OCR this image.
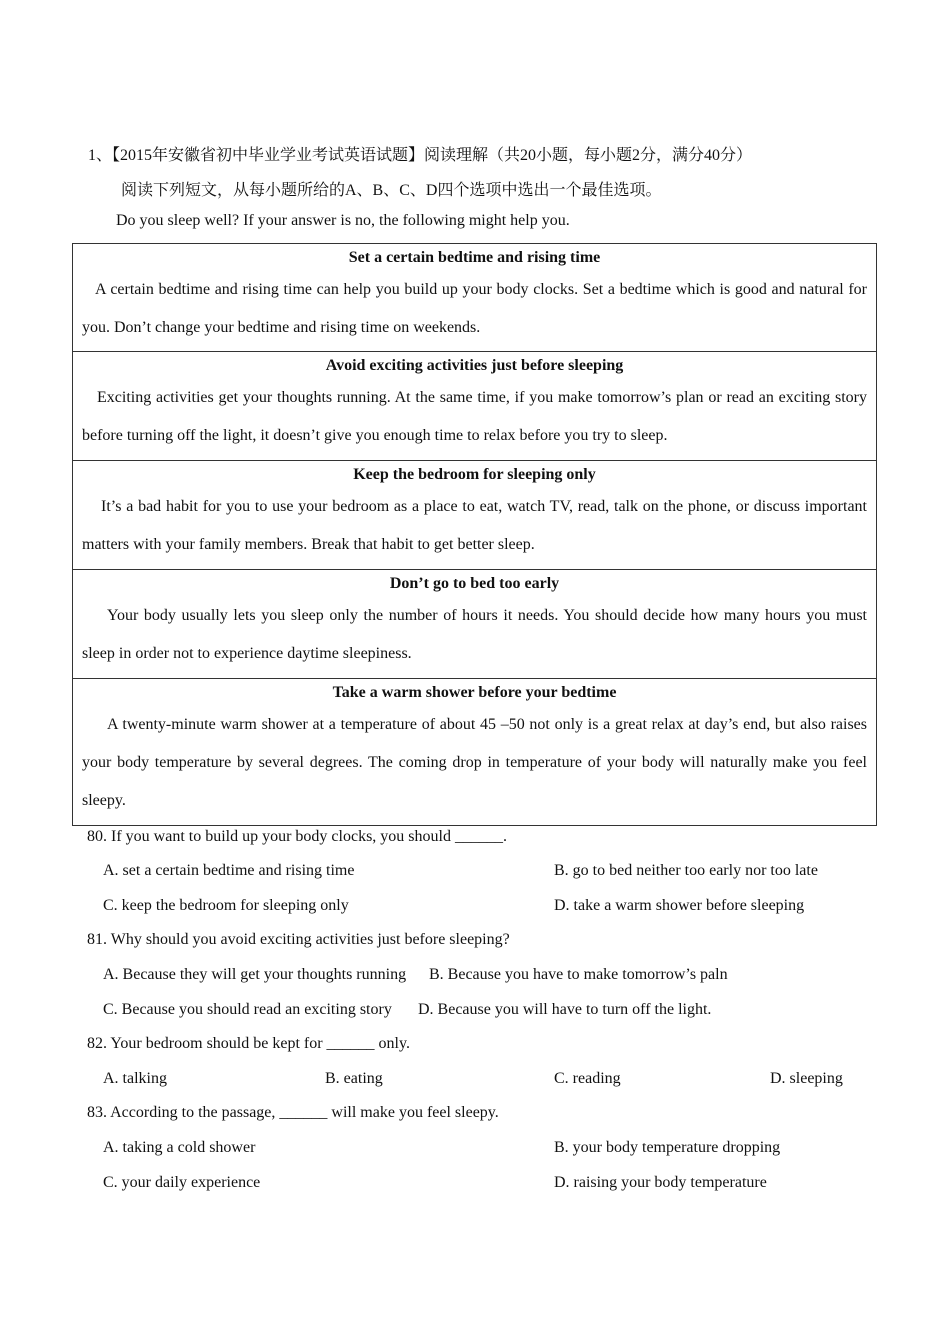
1、【2015年安徽省初中毕业学业考试英语试题】阅读理解（共20小题，每小题2分，满分40分）
阅读下列短文，从每小题所给的A、B、C、D四个选项中选出一个最佳选项。
Do you sleep well? If your answer is no, the following might help you.
Set a certain bedtime and rising time
A certain bedtime and rising time can help you build up your body clocks. Set a bedtime which is good and natural for you. Don’t change your bedtime and rising time on weekends.
Avoid exciting activities just before sleeping
Exciting activities get your thoughts running. At the same time, if you make tomorrow’s plan or read an exciting story before turning off the light, it doesn’t give you enough time to relax before you try to sleep.
Keep the bedroom for sleeping only
It’s a bad habit for you to use your bedroom as a place to eat, watch TV, read, talk on the phone, or discuss important matters with your family members. Break that habit to get better sleep.
Don’t go to bed too early
Your body usually lets you sleep only the number of hours it needs. You should decide how many hours you must sleep in order not to experience daytime sleepiness.
Take a warm shower before your bedtime
A twenty-minute warm shower at a temperature of about 45 –50 not only is a great relax at day’s end, but also raises your body temperature by several degrees. The coming drop in temperature of your body will naturally make you feel sleepy.
80. If you want to build up your body clocks, you should ______.
A. set a certain bedtime and rising time	B. go to bed neither too early nor too late
C. keep the bedroom for sleeping only	D. take a warm shower before sleeping
81. Why should you avoid exciting activities just before sleeping?
A. Because they will get your thoughts running B. Because you have to make tomorrow’s paln
C. Because you should read an exciting story D. Because you will have to turn off the light.
82. Your bedroom should be kept for ______ only.
A. talking	B. eating	C. reading	D. sleeping
83. According to the passage, ______ will make you feel sleepy.
A. taking a cold shower	B. your body temperature dropping
C. your daily experience	D. raising your body temperature
